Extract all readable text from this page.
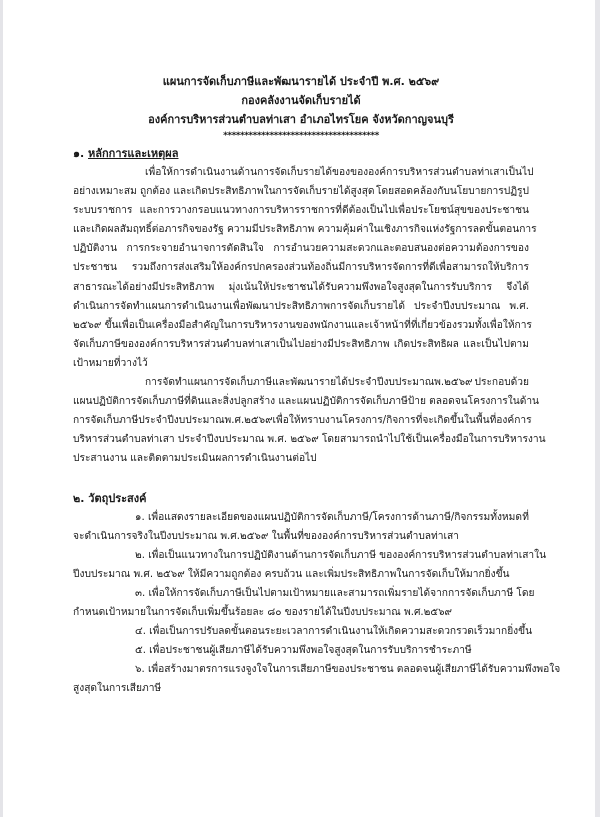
แผนการจัดเก็บภาษีและพัฒนารายได้ ประจำปี พ.ศ. ๒๕๖๙
กองคลังงานจัดเก็บรายได้
องค์การบริหารส่วนตำบลท่าเสา อำเภอไทรโยค จังหวัดกาญจนบุรี
*************************************
๑. หลักการและเหตุผล
เพื่อให้การดำเนินงานด้านการจัดเก็บรายได้ ของขององค์การบริหารส่วนตำบลท่าเสาเป็นไป
อย่างเหมาะสม ถูกต้อง และเกิดประสิทธิภาพในการจัดเก็บรายได้สูงสุด โดยสอดคล้องกับนโยบายการปฏิรูป
ระบบราชการ และการวางกรอบแนวทางการบริหารราชการที่ดีต้องเป็นไปเพื่อประโยชน์สุขของประชาชน
และเกิดผลสัมฤทธิ์ต่อภารกิจของรัฐ ความมีประสิทธิภาพ ความคุ้มค่าในเชิงภารกิจแห่งรัฐ การลดขั้นตอนการ
ปฏิบัติงาน การกระจายอำนาจการตัดสินใจ การอำนวยความสะดวกและตอบสนองต่อความต้องการของ
ประชาชน รวมถึงการส่งเสริมให้องค์กรปกครองส่วนท้องถิ่นมีการบริหารจัดการที่ดีเพื่อสามารถให้บริการ
สาธารณะได้อย่างมีประสิทธิภาพ มุ่งเน้นให้ประชาชนได้รับความพึงพอใจสูงสุดในการรับบริการ จึงได้
ดำเนินการจัดทำแผนการดำเนินงานเพื่อพัฒนาประสิทธิภาพการจัดเก็บรายได้ ประจำปีงบประมาณ พ.ศ.
๒๕๖๙ ขึ้นเพื่อเป็นเครื่องมือสำคัญในการบริหารงานของพนักงานและเจ้าหน้าที่ที่เกี่ยวข้อง รวมทั้งเพื่อให้การ
จัดเก็บภาษีขององค์การบริหารส่วนตำบลท่าเสาเป็นไปอย่างมีประสิทธิภาพ เกิดประสิทธิผล และเป็นไปตาม
เป้าหมายที่วางไว้
การจัดทำแผนการจัดเก็บภาษีและพัฒนารายได้ประจำปีงบประมาณพ.๒๕๖๙ ประกอบด้วย
แผนปฏิบัติการจัดเก็บภาษีที่ดินและสิ่งปลูกสร้าง และแผนปฏิบัติการจัดเก็บภาษีป้าย ตลอดจนโครงการในด้าน
การจัดเก็บภาษีประจำปีงบประมาณพ.ศ.๒๕๖๙ เพื่อให้ทราบงานโครงการ/กิจการที่จะเกิดขึ้นในพื้นที่องค์การ
บริหารส่วนตำบลท่าเสา ประจำปีงบประมาณ พ.ศ. ๒๕๖๙ โดยสามารถนำไปใช้เป็นเครื่องมือในการบริหารงาน
ประสานงาน และติดตามประเมินผลการดำเนินงานต่อไป
๒. วัตถุประสงค์
๑. เพื่อแสดงรายละเอียดของแผนปฏิบัติการจัดเก็บภาษี/โครงการด้านภาษี/กิจกรรมทั้งหมด ที่
จะดำเนินการจริงในปีงบประมาณ พ.ศ.๒๕๖๙ ในพื้นที่ขององค์การบริหารส่วนตำบลท่าเสา
๒. เพื่อเป็นแนวทางในการปฏิบัติงานด้านการจัดเก็บภาษี ขององค์การบริหารส่วนตำบลท่าเสาใน
ปีงบประมาณ พ.ศ. ๒๕๖๙ ให้มีความถูกต้อง ครบถ้วน และเพิ่มประสิทธิภาพในการจัดเก็บให้มากยิ่งขึ้น
๓. เพื่อให้การจัดเก็บภาษีเป็นไปตามเป้าหมายและสามารถเพิ่มรายได้จากการจัดเก็บภาษี โดย
กำหนดเป้าหมายในการจัดเก็บเพิ่มขึ้นร้อยละ ๘๐ ของรายได้ในปีงบประมาณ พ.ศ.๒๕๖๙
๔. เพื่อเป็นการปรับลดขั้นตอนระยะเวลาการดำเนินงานให้เกิดความสะดวกรวดเร็วมากยิ่งขึ้น
๕. เพื่อประชาชนผู้เสียภาษีได้รับความพึงพอใจสูงสุดในการรับบริการชำระภาษี
๖. เพื่อสร้างมาตรการแรงจูงใจในการเสียภาษีของประชาชน ตลอดจนผู้เสียภาษีได้รับความพึงพอใจ
สูงสุดในการเสียภาษี
